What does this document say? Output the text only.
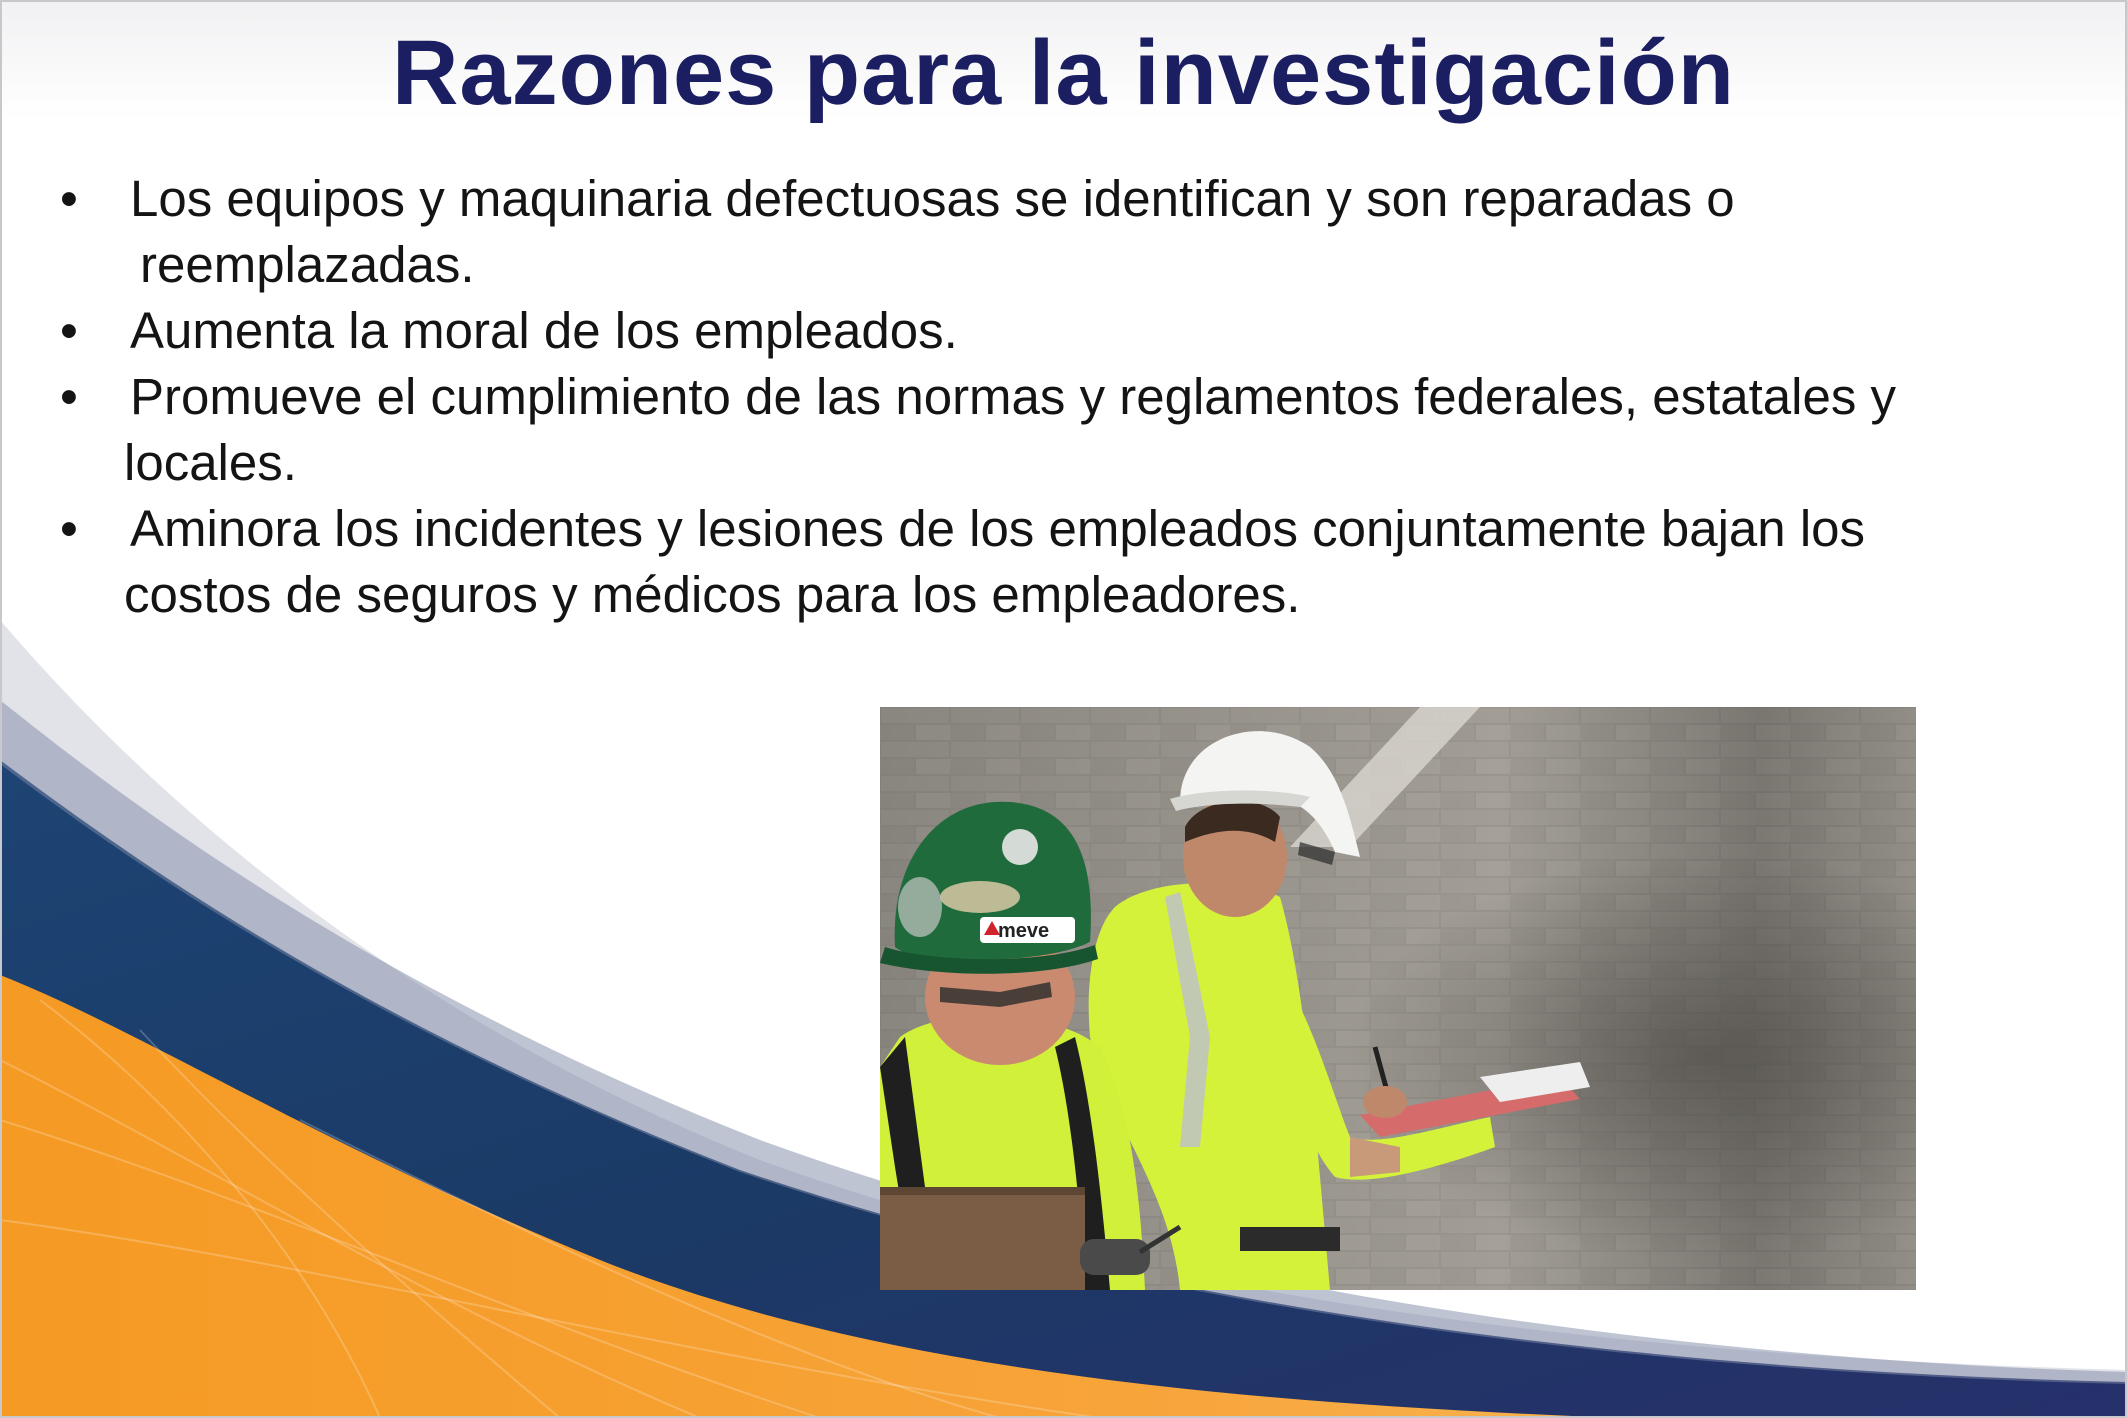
Razones para la investigación
•	Los equipos y maquinaria defectuosas se identifican y son reparadas o
reemplazadas.
•	Aumenta la moral de los empleados.
•	Promueve el cumplimiento de las normas y reglamentos federales, estatales y
locales.
•	Aminora los incidentes y lesiones de los empleados conjuntamente bajan los
costos de seguros y médicos para los empleadores.
meve
